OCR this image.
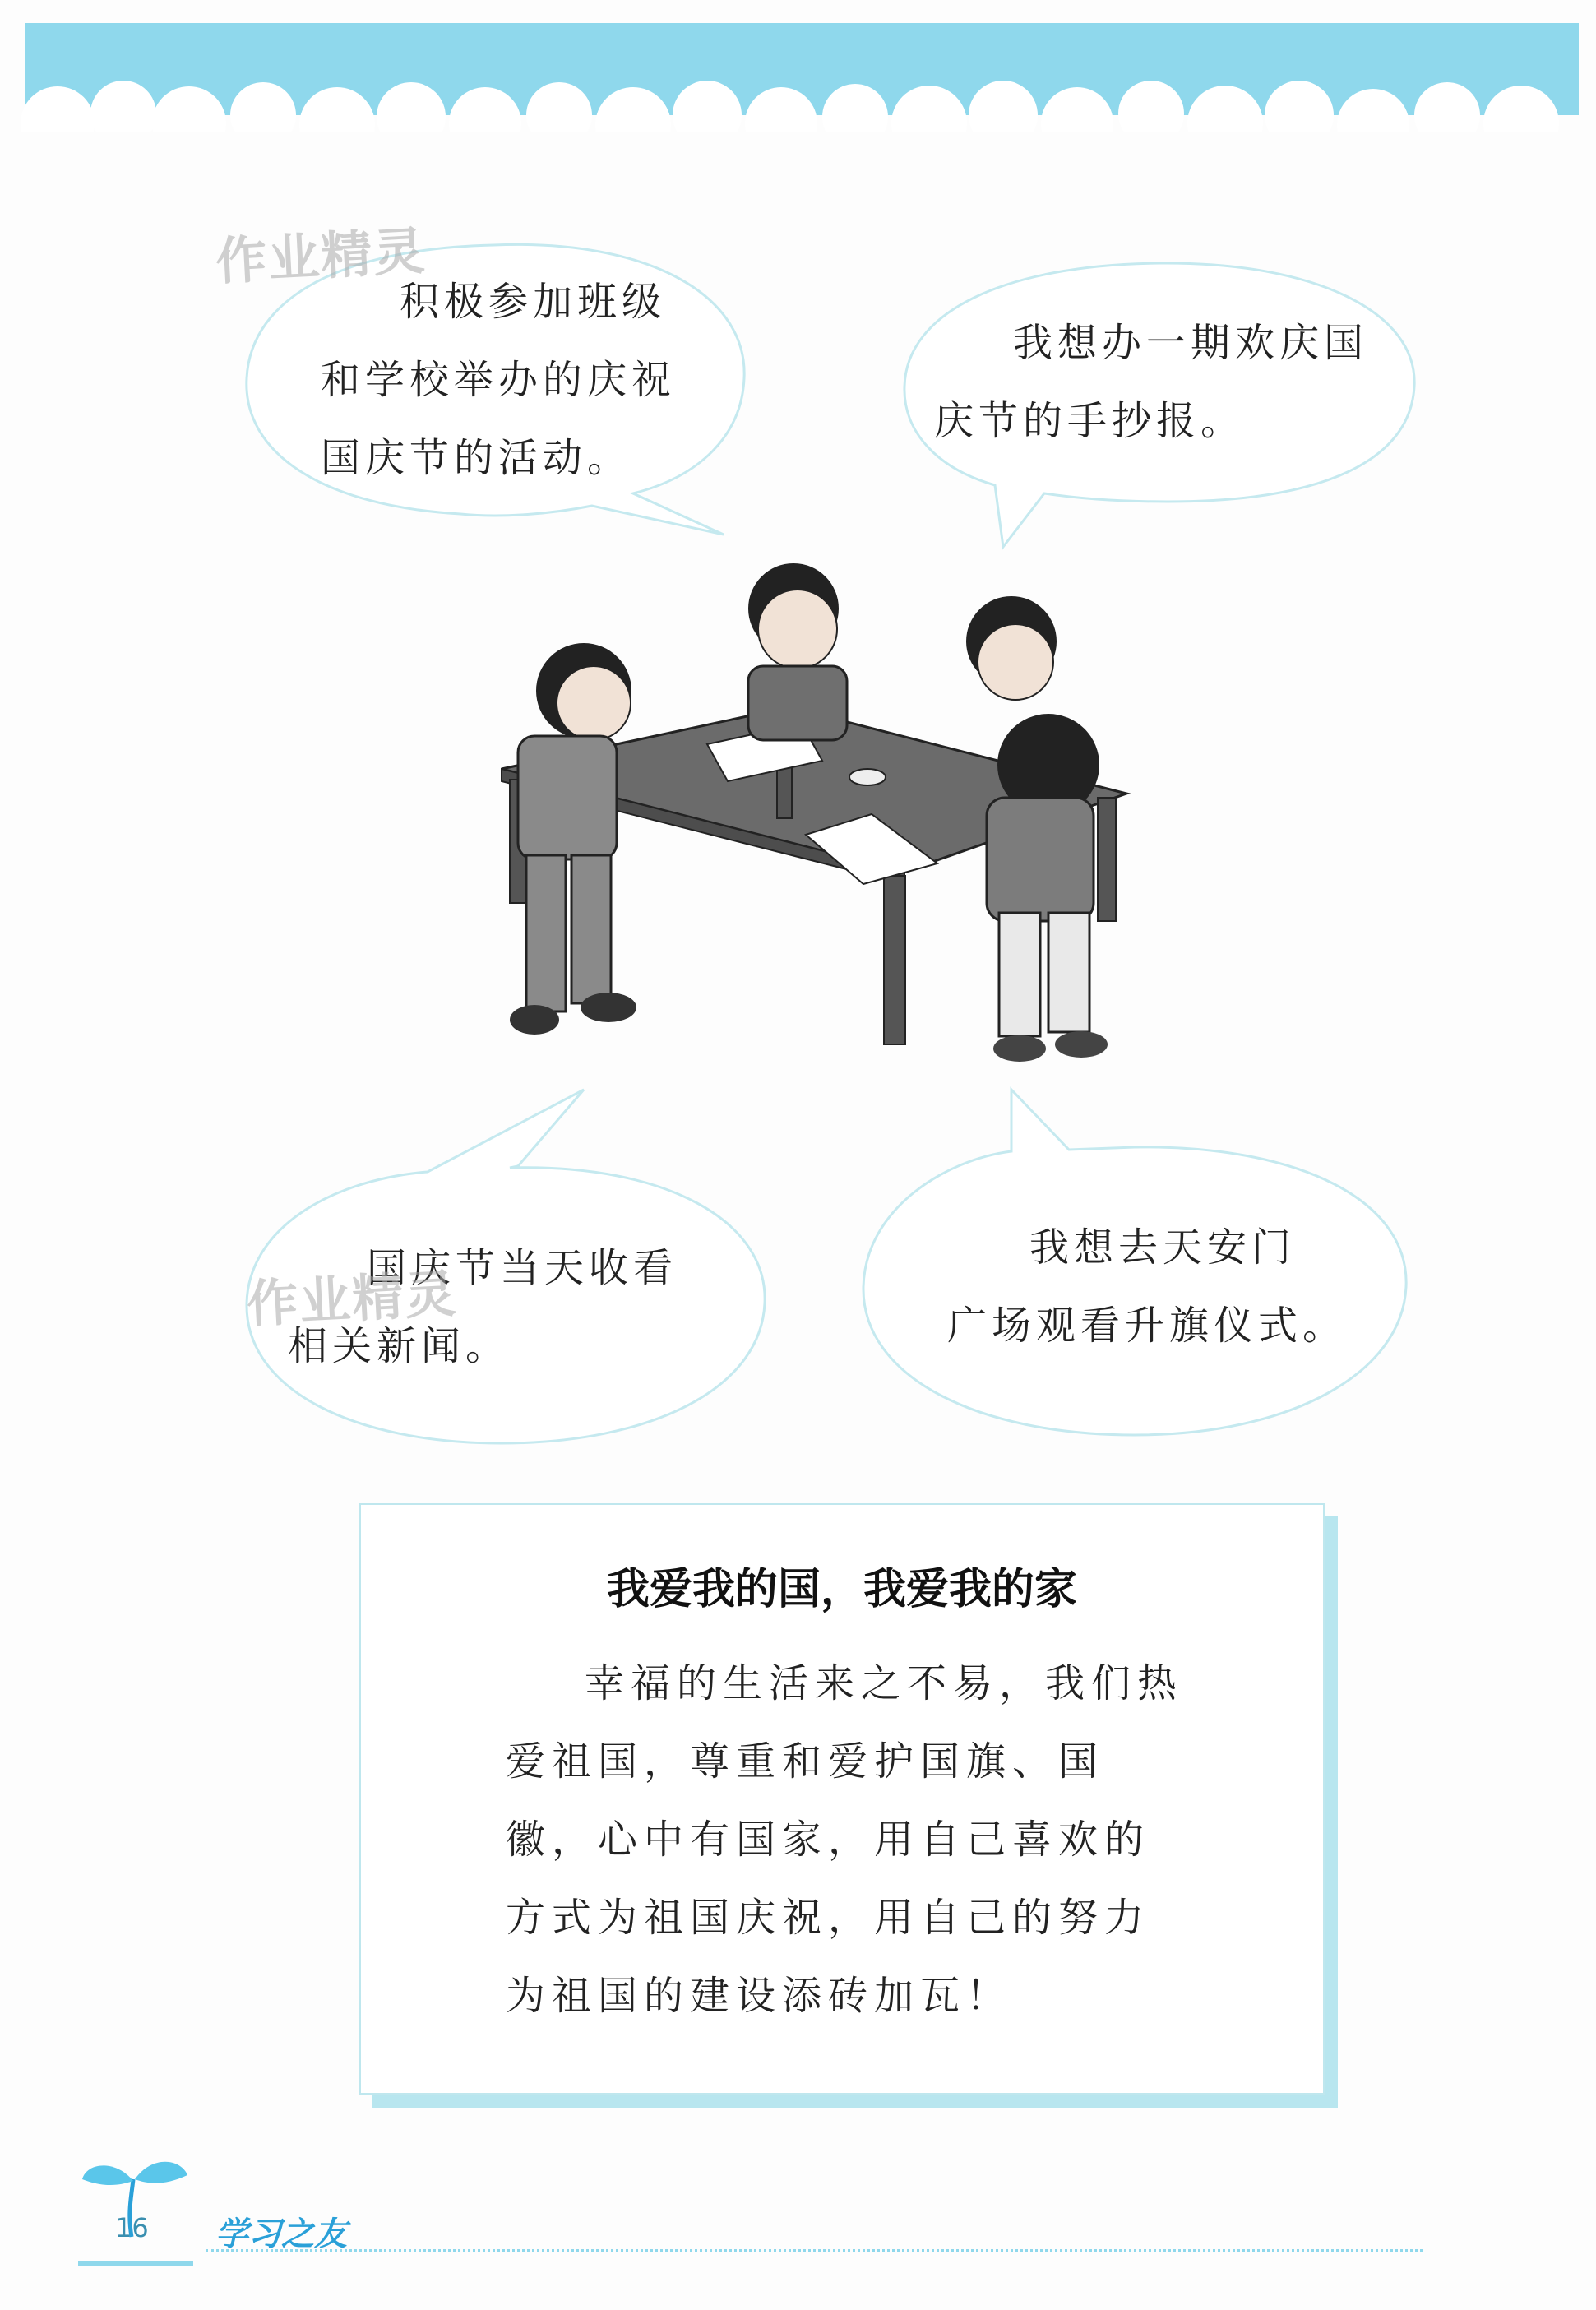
积极参加班级
和学校举办的庆祝
国庆节的活动。
作业精灵
我想办一期欢庆国
庆节的手抄报。
国庆节当天收看
相关新闻。
作业精灵
我想去天安门
广场观看升旗仪式。
我爱我的国，我爱我的家

幸福的生活来之不易，我们热爱祖国，尊重和爱护国旗、国徽，心中有国家，用自己喜欢的方式为祖国庆祝，用自己的努力为祖国的建设添砖加瓦！

16 学习之友
